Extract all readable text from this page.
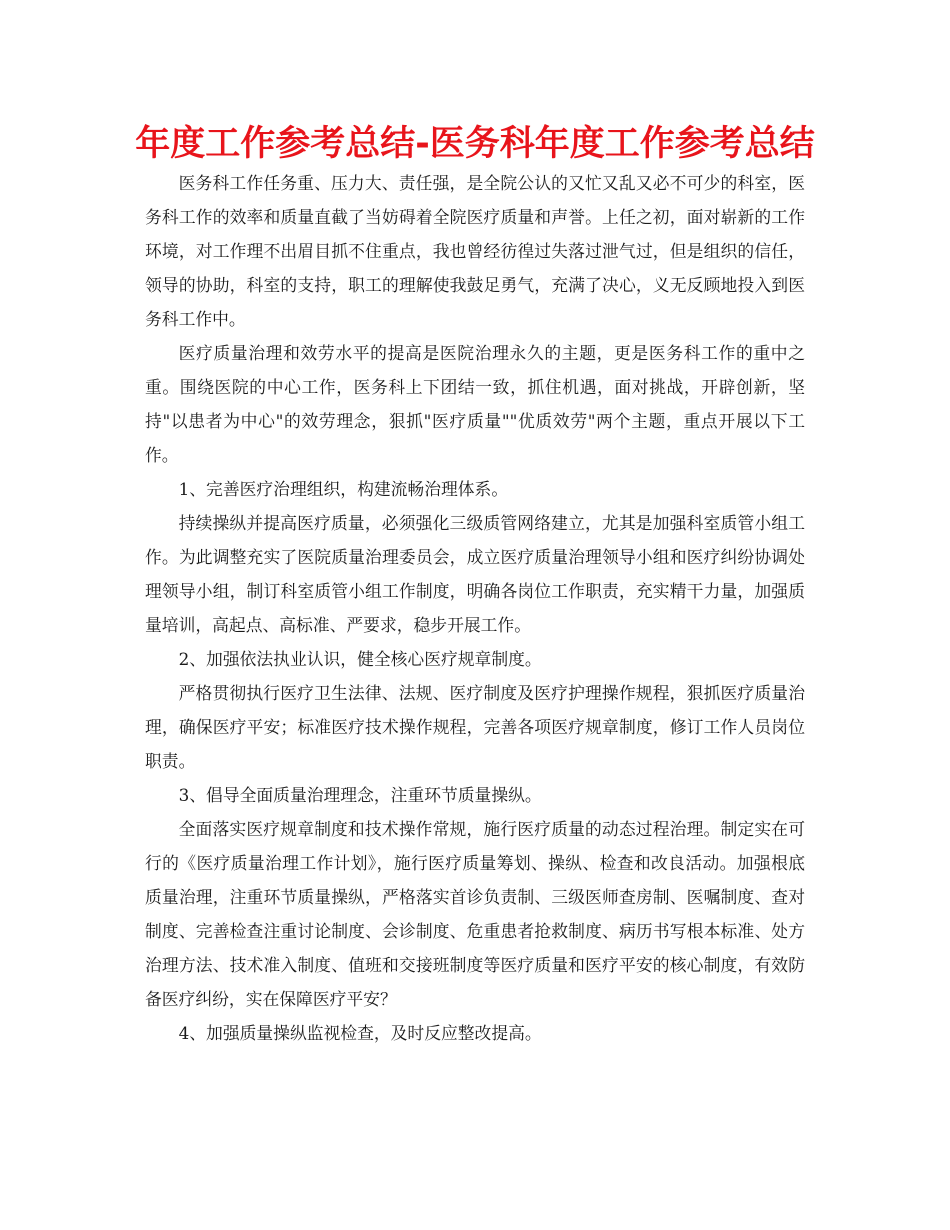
年度工作参考总结-医务科年度工作参考总结

医务科工作任务重、压力大、责任强，是全院公认的又忙又乱又必不可少的科室，医务科工作的效率和质量直截了当妨碍着全院医疗质量和声誉。上任之初，面对崭新的工作环境，对工作理不出眉目抓不住重点，我也曾经彷徨过失落过泄气过，但是组织的信任，领导的协助，科室的支持，职工的理解使我鼓足勇气，充满了决心，义无反顾地投入到医务科工作中。

医疗质量治理和效劳水平的提高是医院治理永久的主题，更是医务科工作的重中之重。围绕医院的中心工作，医务科上下团结一致，抓住机遇，面对挑战，开辟创新，坚持"以患者为中心"的效劳理念，狠抓"医疗质量""优质效劳"两个主题，重点开展以下工作。

1、完善医疗治理组织，构建流畅治理体系。

持续操纵并提高医疗质量，必须强化三级质管网络建立，尤其是加强科室质管小组工作。为此调整充实了医院质量治理委员会，成立医疗质量治理领导小组和医疗纠纷协调处理领导小组，制订科室质管小组工作制度，明确各岗位工作职责，充实精干力量，加强质量培训，高起点、高标准、严要求，稳步开展工作。

2、加强依法执业认识，健全核心医疗规章制度。

严格贯彻执行医疗卫生法律、法规、医疗制度及医疗护理操作规程，狠抓医疗质量治理，确保医疗平安；标准医疗技术操作规程，完善各项医疗规章制度，修订工作人员岗位职责。

3、倡导全面质量治理理念，注重环节质量操纵。

全面落实医疗规章制度和技术操作常规，施行医疗质量的动态过程治理。制定实在可行的《医疗质量治理工作计划》，施行医疗质量筹划、操纵、检查和改良活动。加强根底质量治理，注重环节质量操纵，严格落实首诊负责制、三级医师查房制、医嘱制度、查对制度、完善检查注重讨论制度、会诊制度、危重患者抢救制度、病历书写根本标准、处方治理方法、技术准入制度、值班和交接班制度等医疗质量和医疗平安的核心制度，有效防备医疗纠纷，实在保障医疗平安？

4、加强质量操纵监视检查，及时反应整改提高。
